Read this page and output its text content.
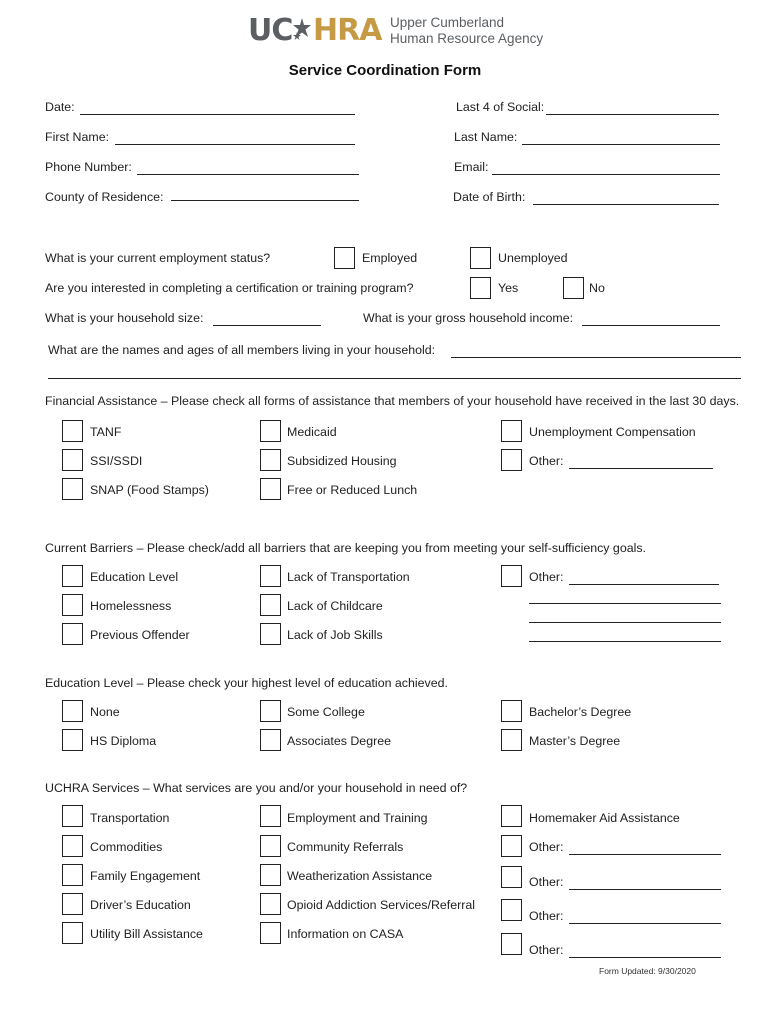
UC HRA Upper Cumberland
Human Resource Agency
Service Coordination Form
Date:	Last 4 of Social:
First Name:	Last Name:
Phone Number:	Email:
County of Residence:	Date of Birth:
What is your current employment status?	Employed	Unemployed
Are you interested in completing a certification or training program?	Yes	No
What is your household size:	What is your gross household income:
What are the names and ages of all members living in your household:
Financial Assistance – Please check all forms of assistance that members of your household have received in the last 30 days.
TANF
SSI/SSDI
SNAP (Food Stamps)
Medicaid
Subsidized Housing
Free or Reduced Lunch
Unemployment Compensation
Other:
Current Barriers – Please check/add all barriers that are keeping you from meeting your self-sufficiency goals.
Education Level
Homelessness
Previous Offender
Lack of Transportation
Lack of Childcare
Lack of Job Skills
Other:
Education Level – Please check your highest level of education achieved.
None
HS Diploma
Some College
Associates Degree
Bachelor’s Degree
Master’s Degree
UCHRA Services – What services are you and/or your household in need of?
Transportation
Commodities
Family Engagement
Driver’s Education
Utility Bill Assistance
Employment and Training
Community Referrals
Weatherization Assistance
Opioid Addiction Services/Referral
Information on CASA
Homemaker Aid Assistance
Other:
Other:
Other:
Other:
Form Updated: 9/30/2020
